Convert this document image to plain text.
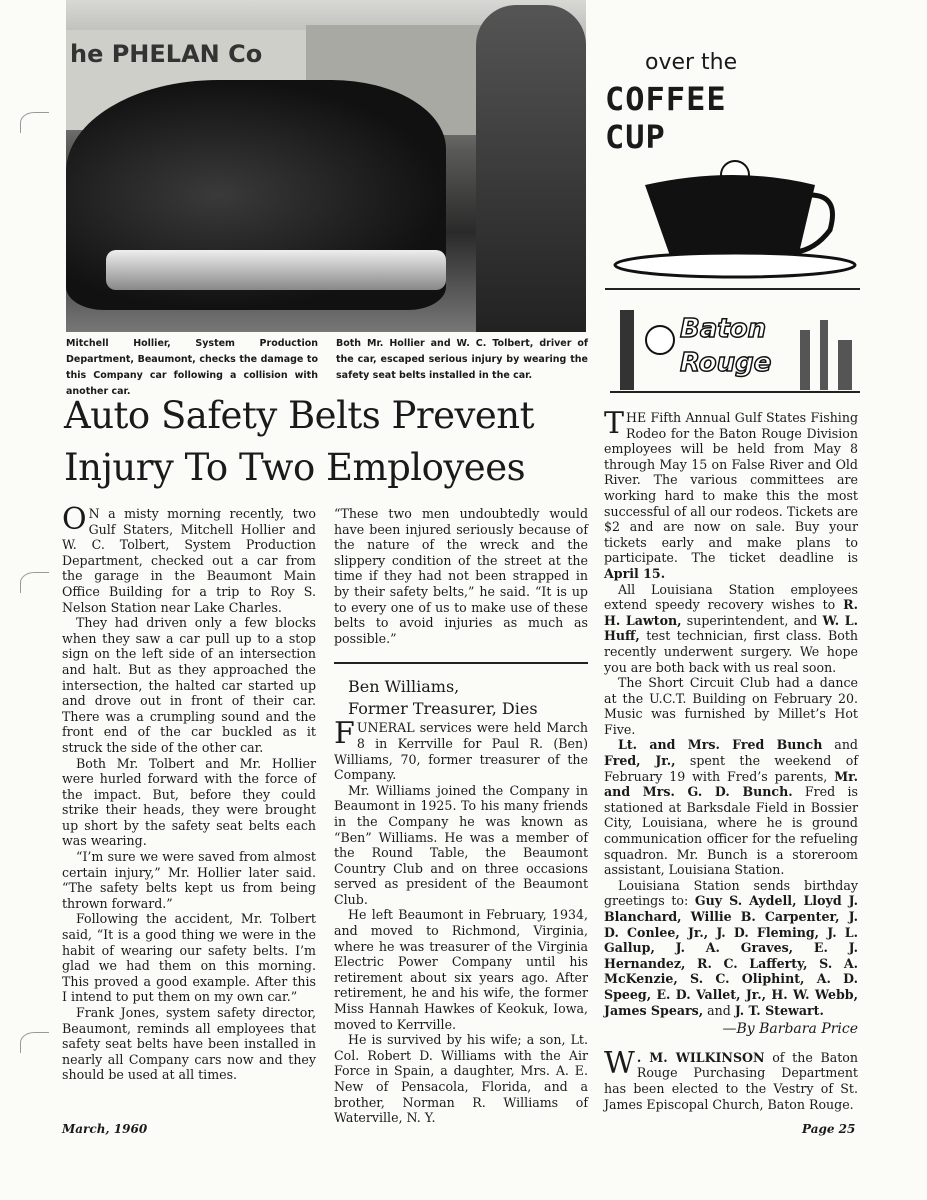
he PHELAN Co
Mitchell Hollier, System Production Department, Beaumont, checks the damage to this Company car following a collision with another car.
Both Mr. Hollier and W. C. Tolbert, driver of the car, escaped serious injury by wearing the safety seat belts installed in the car.
over the
COFFEE
CUP
Baton Rouge
Auto Safety Belts Prevent Injury To Two Employees

O N a misty morning recently, two Gulf Staters, Mitchell Hollier and W. C. Tolbert, System Production Department, checked out a car from the garage in the Beaumont Main Office Building for a trip to Roy S. Nelson Station near Lake Charles.

They had driven only a few blocks when they saw a car pull up to a stop sign on the left side of an intersection and halt. But as they approached the intersection, the halted car started up and drove out in front of their car. There was a crumpling sound and the front end of the car buckled as it struck the side of the other car.

Both Mr. Tolbert and Mr. Hollier were hurled forward with the force of the impact. But, before they could strike their heads, they were brought up short by the safety seat belts each was wearing.

“I’m sure we were saved from almost certain injury,” Mr. Hollier later said. “The safety belts kept us from being thrown forward.”

Following the accident, Mr. Tolbert said, “It is a good thing we were in the habit of wearing our safety belts. I’m glad we had them on this morning. This proved a good example. After this I intend to put them on my own car.”

Frank Jones, system safety director, Beaumont, reminds all employees that safety seat belts have been installed in nearly all Company cars now and they should be used at all times.

“These two men undoubtedly would have been injured seriously because of the nature of the wreck and the slippery condition of the street at the time if they had not been strapped in by their safety belts,” he said. “It is up to every one of us to make use of these belts to avoid injuries as much as possible.”

Ben Williams,

Former Treasurer, Dies

FUNERAL services were held March 8 in Kerrville for Paul R. (Ben) Williams, 70, former treasurer of the Company.

Mr. Williams joined the Company in Beaumont in 1925. To his many friends in the Company he was known as “Ben” Williams. He was a member of the Round Table, the Beaumont Country Club and on three occasions served as president of the Beaumont Club.

He left Beaumont in February, 1934, and moved to Richmond, Virginia, where he was treasurer of the Virginia Electric Power Company until his retirement about six years ago. After retirement, he and his wife, the former Miss Hannah Hawkes of Keokuk, Iowa, moved to Kerrville.

He is survived by his wife; a son, Lt. Col. Robert D. Williams with the Air Force in Spain, a daughter, Mrs. A. E. New of Pensacola, Florida, and a brother, Norman R. Williams of Waterville, N. Y.

THE Fifth Annual Gulf States Fishing Rodeo for the Baton Rouge Division employees will be held from May 8 through May 15 on False River and Old River. The various committees are working hard to make this the most successful of all our rodeos. Tickets are $2 and are now on sale. Buy your tickets early and make plans to participate. The ticket deadline is April 15.

All Louisiana Station employees extend speedy recovery wishes to R. H. Lawton, superintendent, and W. L. Huff, test technician, first class. Both recently underwent surgery. We hope you are both back with us real soon.

The Short Circuit Club had a dance at the U.C.T. Building on February 20. Music was furnished by Millet’s Hot Five.

Lt. and Mrs. Fred Bunch and Fred, Jr., spent the weekend of February 19 with Fred’s parents, Mr. and Mrs. G. D. Bunch. Fred is stationed at Barksdale Field in Bossier City, Louisiana, where he is ground communication officer for the refueling squadron. Mr. Bunch is a storeroom assistant, Louisiana Station.

Louisiana Station sends birthday greetings to: Guy S. Aydell, Lloyd J. Blanchard, Willie B. Carpenter, J. D. Conlee, Jr., J. D. Fleming, J. L. Gallup, J. A. Graves, E. J. Hernandez, R. C. Lafferty, S. A. McKenzie, S. C. Oliphint, A. D. Speeg, E. D. Vallet, Jr., H. W. Webb, James Spears, and J. T. Stewart.

—By Barbara Price

W . M. WILKINSON of the Baton Rouge Purchasing Department has been elected to the Vestry of St. James Episcopal Church, Baton Rouge.

March, 1960	Page 25
